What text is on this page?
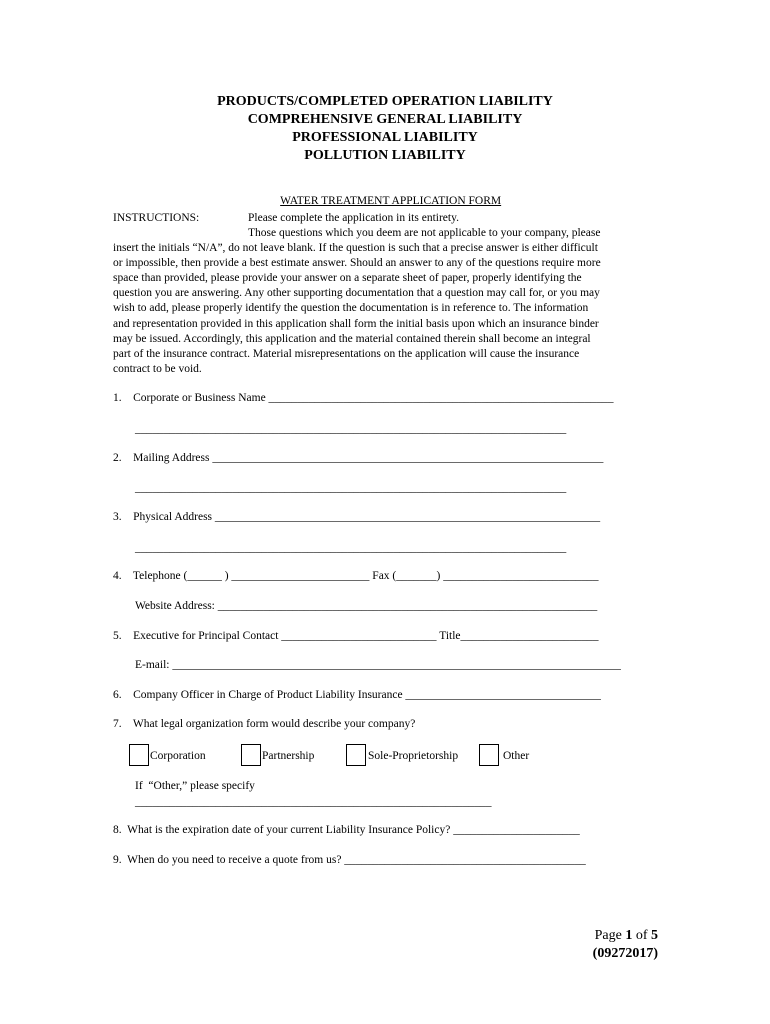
PRODUCTS/COMPLETED OPERATION LIABILITY
COMPREHENSIVE GENERAL LIABILITY
PROFESSIONAL LIABILITY
POLLUTION LIABILITY

WATER TREATMENT APPLICATION FORM

INSTRUCTIONS:	Please complete the application in its entirety.
Those questions which you deem are not applicable to your company, please
insert the initials “N/A”, do not leave blank. If the question is such that a precise answer is either difficult
or impossible, then provide a best estimate answer. Should an answer to any of the questions require more
space than provided, please provide your answer on a separate sheet of paper, properly identifying the
question you are answering. Any other supporting documentation that a question may call for, or you may
wish to add, please properly identify the question the documentation is in reference to. The information
and representation provided in this application shall form the initial basis upon which an insurance binder
may be issued. Accordingly, this application and the material contained therein shall become an integral
part of the insurance contract. Material misrepresentations on the application will cause the insurance
contract to be void.
1.    Corporate or Business Name ____________________________________________________________
___________________________________________________________________________
2.    Mailing Address ____________________________________________________________________
___________________________________________________________________________
3.    Physical Address ___________________________________________________________________
___________________________________________________________________________
4.    Telephone (______ ) ________________________ Fax (_______) ___________________________
Website Address: __________________________________________________________________
5.    Executive for Principal Contact ___________________________ Title________________________
E-mail: ______________________________________________________________________________
6.    Company Officer in Charge of Product Liability Insurance __________________________________
7.    What legal organization form would describe your company?
Corporation	Partnership	Sole-Proprietorship	Other
If  “Other,” please specify
______________________________________________________________
8.  What is the expiration date of your current Liability Insurance Policy? ______________________
9.  When do you need to receive a quote from us? __________________________________________
Page 1 of 5
(09272017)
